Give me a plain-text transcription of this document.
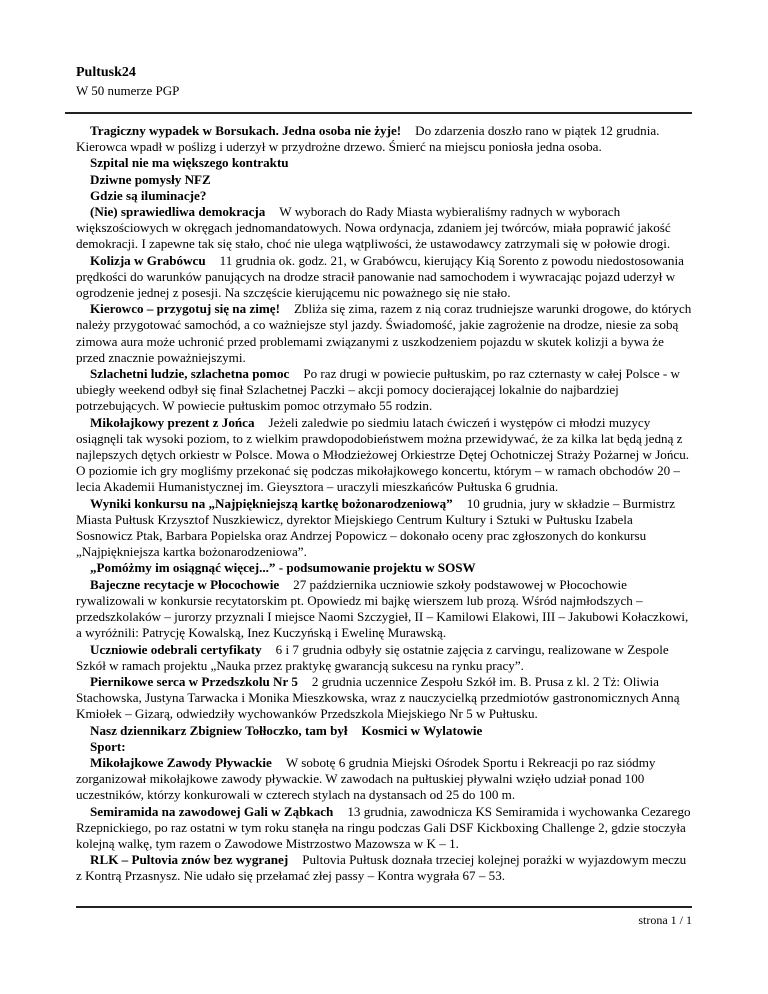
Pultusk24
W 50 numerze PGP

Tragiczny wypadek w Borsukach. Jedna osoba nie żyje! Do zdarzenia doszło rano w piątek 12 grudnia. Kierowca wpadł w poślizg i uderzył w przydrożne drzewo. Śmierć na miejscu poniosła jedna osoba.

Szpital nie ma większego kontraktu

Dziwne pomysły NFZ

Gdzie są iluminacje?

(Nie) sprawiedliwa demokracja W wyborach do Rady Miasta wybieraliśmy radnych w wyborach większościowych w okręgach jednomandatowych. Nowa ordynacja, zdaniem jej twórców, miała poprawić jakość demokracji. I zapewne tak się stało, choć nie ulega wątpliwości, że ustawodawcy zatrzymali się w połowie drogi.

Kolizja w Grabówcu 11 grudnia ok. godz. 21, w Grabówcu, kierujący Kią Sorento z powodu niedostosowania prędkości do warunków panujących na drodze stracił panowanie nad samochodem i wywracając pojazd uderzył w ogrodzenie jednej z posesji. Na szczęście kierującemu nic poważnego się nie stało.

Kierowco – przygotuj się na zimę! Zbliża się zima, razem z nią coraz trudniejsze warunki drogowe, do których należy przygotować samochód, a co ważniejsze styl jazdy. Świadomość, jakie zagrożenie na drodze, niesie za sobą zimowa aura może uchronić przed problemami związanymi z uszkodzeniem pojazdu w skutek kolizji a bywa że przed znacznie poważniejszymi.

Szlachetni ludzie, szlachetna pomoc Po raz drugi w powiecie pułtuskim, po raz czternasty w całej Polsce - w ubiegły weekend odbył się finał Szlachetnej Paczki – akcji pomocy docierającej lokalnie do najbardziej potrzebujących. W powiecie pułtuskim pomoc otrzymało 55 rodzin.

Mikołajkowy prezent z Jońca Jeżeli zaledwie po siedmiu latach ćwiczeń i występów ci młodzi muzycy osiągnęli tak wysoki poziom, to z wielkim prawdopodobieństwem można przewidywać, że za kilka lat będą jedną z najlepszych dętych orkiestr w Polsce. Mowa o Młodzieżowej Orkiestrze Dętej Ochotniczej Straży Pożarnej w Jońcu. O poziomie ich gry mogliśmy przekonać się podczas mikołajkowego koncertu, którym – w ramach obchodów 20 – lecia Akademii Humanistycznej im. Gieysztora – uraczyli mieszkańców Pułtuska 6 grudnia.

Wyniki konkursu na „Najpiękniejszą kartkę bożonarodzeniową” 10 grudnia, jury w składzie – Burmistrz Miasta Pułtusk Krzysztof Nuszkiewicz, dyrektor Miejskiego Centrum Kultury i Sztuki w Pułtusku Izabela Sosnowicz Ptak, Barbara Popielska oraz Andrzej Popowicz – dokonało oceny prac zgłoszonych do konkursu „Najpiękniejsza kartka bożonarodzeniowa”.

„Pomóżmy im osiągnąć więcej...” - podsumowanie projektu w SOSW

Bajeczne recytacje w Płocochowie 27 października uczniowie szkoły podstawowej w Płocochowie rywalizowali w konkursie recytatorskim pt. Opowiedz mi bajkę wierszem lub prozą. Wśród najmłodszych – przedszkolaków – jurorzy przyznali I miejsce Naomi Szczygieł, II – Kamilowi Elakowi, III – Jakubowi Kołaczkowi, a wyróżnili: Patrycję Kowalską, Inez Kuczyńską i Ewelinę Murawską.

Uczniowie odebrali certyfikaty 6 i 7 grudnia odbyły się ostatnie zajęcia z carvingu, realizowane w Zespole Szkół w ramach projektu „Nauka przez praktykę gwarancją sukcesu na rynku pracy”.

Piernikowe serca w Przedszkolu Nr 5 2 grudnia uczennice Zespołu Szkół im. B. Prusa z kl. 2 Tż: Oliwia Stachowska, Justyna Tarwacka i Monika Mieszkowska, wraz z nauczycielką przedmiotów gastronomicznych Anną Kmiołek – Gizarą, odwiedziły wychowanków Przedszkola Miejskiego Nr 5 w Pułtusku.

Nasz dziennikarz Zbigniew Tołłoczko, tam był Kosmici w Wylatowie

Sport:

Mikołajkowe Zawody Pływackie W sobotę 6 grudnia Miejski Ośrodek Sportu i Rekreacji po raz siódmy zorganizował mikołajkowe zawody pływackie. W zawodach na pułtuskiej pływalni wzięło udział ponad 100 uczestników, którzy konkurowali w czterech stylach na dystansach od 25 do 100 m.

Semiramida na zawodowej Gali w Ząbkach 13 grudnia, zawodnicza KS Semiramida i wychowanka Cezarego Rzepnickiego, po raz ostatni w tym roku stanęła na ringu podczas Gali DSF Kickboxing Challenge 2, gdzie stoczyła kolejną walkę, tym razem o Zawodowe Mistrzostwo Mazowsza w K – 1.

RLK – Pultovia znów bez wygranej Pultovia Pułtusk doznała trzeciej kolejnej porażki w wyjazdowym meczu z Kontrą Przasnysz. Nie udało się przełamać złej passy – Kontra wygrała 67 – 53.

strona 1 / 1
